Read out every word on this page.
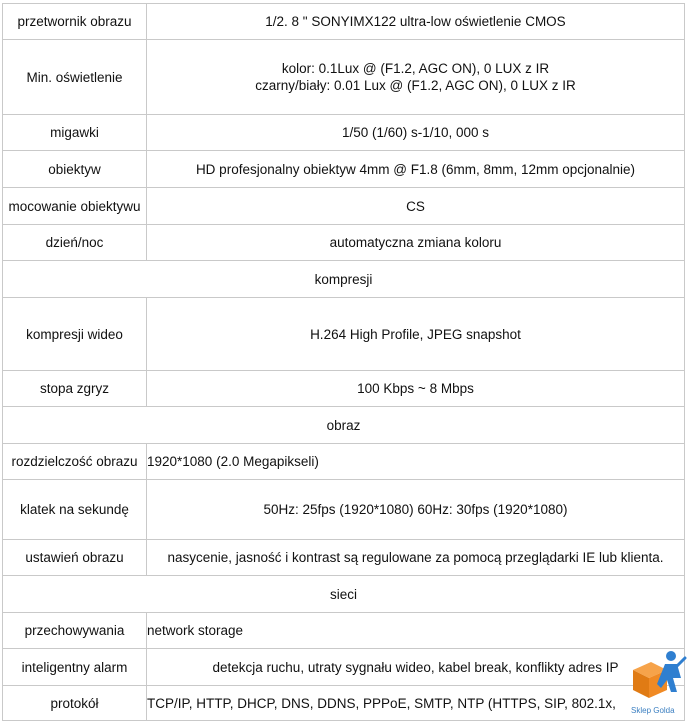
przetwornik obrazu	1/2. 8 " SONYIMX122 ultra-low oświetlenie CMOS
Min. oświetlenie	kolor: 0.1Lux @ (F1.2, AGC ON), 0 LUX z IR
czarny/biały: 0.01 Lux @ (F1.2, AGC ON), 0 LUX z IR

migawki	1/50 (1/60) s-1/10, 000 s
obiektyw	HD profesjonalny obiektyw 4mm @ F1.8 (6mm, 8mm, 12mm opcjonalnie)
mocowanie obiektywu	CS
dzień/noc	automatyczna zmiana koloru
kompresji	
kompresji wideo	H.264 High Profile, JPEG snapshot
stopa zgryz	100 Kbps ~ 8 Mbps
obraz	
rozdzielczość obrazu	1920*1080 (2.0 Megapikseli)
klatek na sekundę	50Hz: 25fps (1920*1080) 60Hz: 30fps (1920*1080)
ustawień obrazu	nasycenie, jasność i kontrast są regulowane za pomocą przeglądarki IE lub klienta.
sieci	
przechowywania	network storage
inteligentny alarm	detekcja ruchu, utraty sygnału wideo, kabel break, konflikty adres IP
protokół	TCP/IP, HTTP, DHCP, DNS, DDNS, PPPoE, SMTP, NTP (HTTPS, SIP, 802.1x, Sklep Golda
